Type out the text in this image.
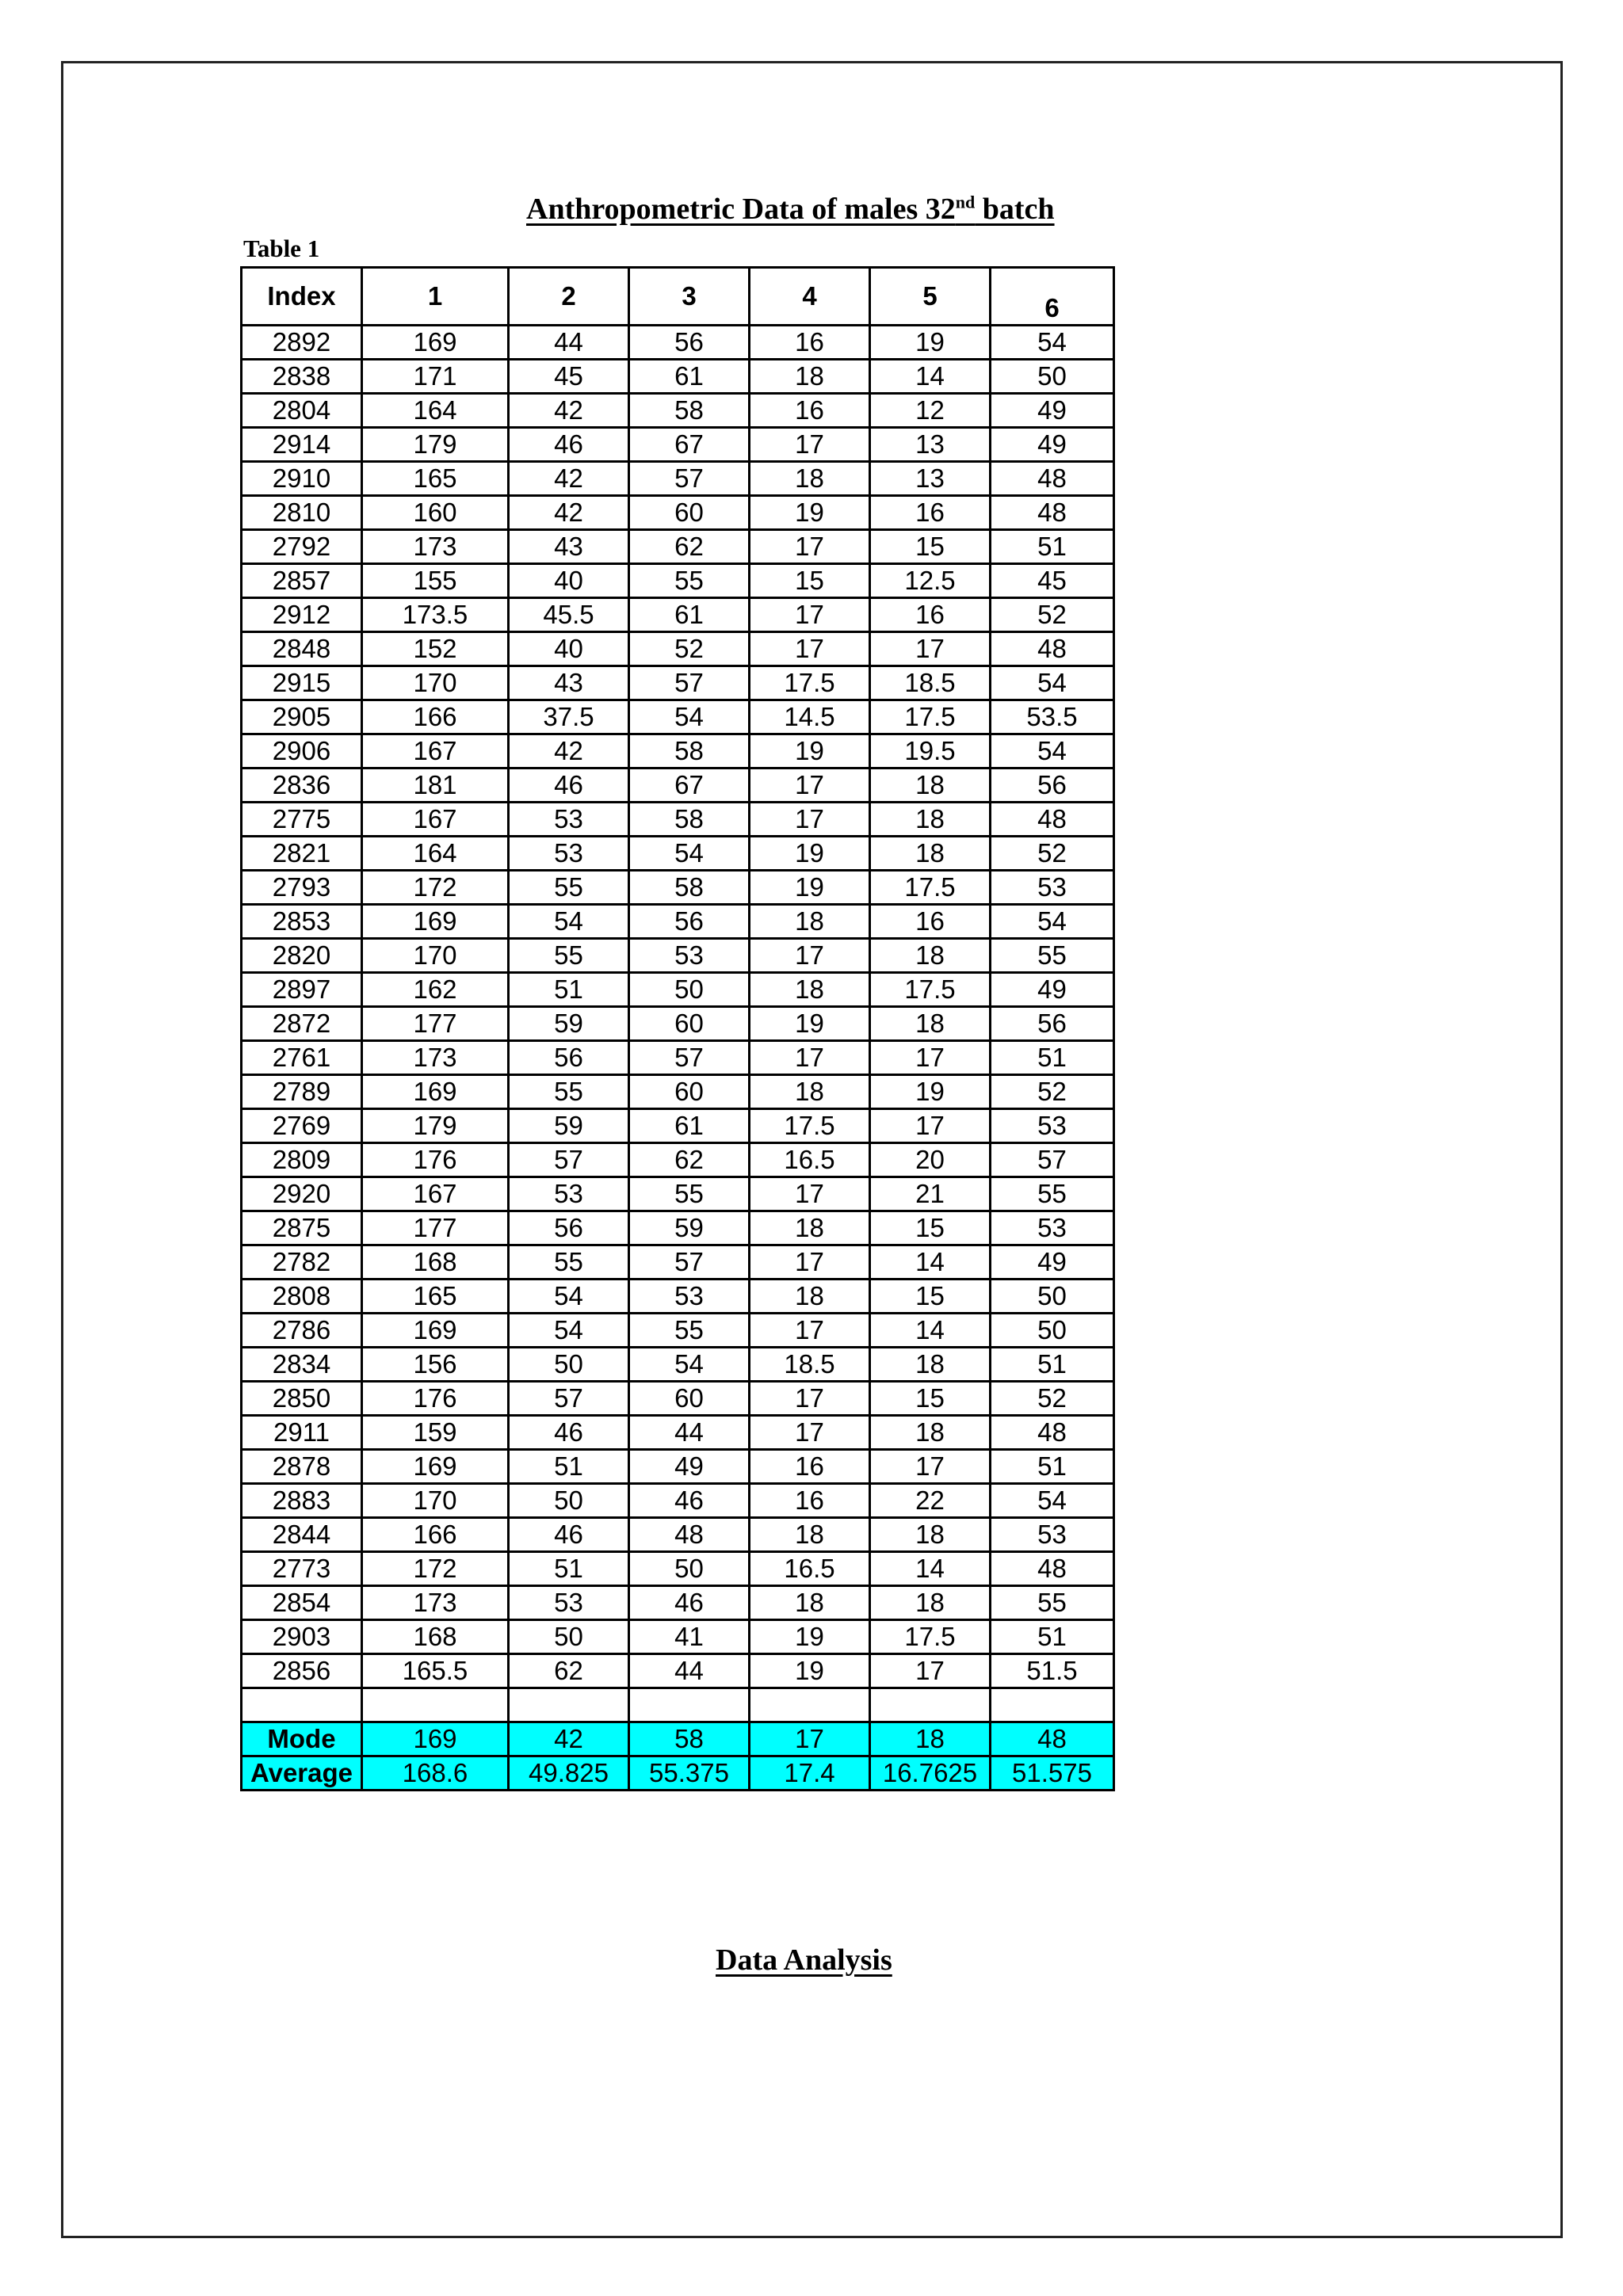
Anthropometric Data of males 32nd batch
Table 1
Index	1	2	3	4	5	6
2892	169	44	56	16	19	54
2838	171	45	61	18	14	50
2804	164	42	58	16	12	49
2914	179	46	67	17	13	49
2910	165	42	57	18	13	48
2810	160	42	60	19	16	48
2792	173	43	62	17	15	51
2857	155	40	55	15	12.5	45
2912	173.5	45.5	61	17	16	52
2848	152	40	52	17	17	48
2915	170	43	57	17.5	18.5	54
2905	166	37.5	54	14.5	17.5	53.5
2906	167	42	58	19	19.5	54
2836	181	46	67	17	18	56
2775	167	53	58	17	18	48
2821	164	53	54	19	18	52
2793	172	55	58	19	17.5	53
2853	169	54	56	18	16	54
2820	170	55	53	17	18	55
2897	162	51	50	18	17.5	49
2872	177	59	60	19	18	56
2761	173	56	57	17	17	51
2789	169	55	60	18	19	52
2769	179	59	61	17.5	17	53
2809	176	57	62	16.5	20	57
2920	167	53	55	17	21	55
2875	177	56	59	18	15	53
2782	168	55	57	17	14	49
2808	165	54	53	18	15	50
2786	169	54	55	17	14	50
2834	156	50	54	18.5	18	51
2850	176	57	60	17	15	52
2911	159	46	44	17	18	48
2878	169	51	49	16	17	51
2883	170	50	46	16	22	54
2844	166	46	48	18	18	53
2773	172	51	50	16.5	14	48
2854	173	53	46	18	18	55
2903	168	50	41	19	17.5	51
2856	165.5	62	44	19	17	51.5

Mode	169	42	58	17	18	48
Average	168.6	49.825	55.375	17.4	16.7625	51.575
Data Analysis
